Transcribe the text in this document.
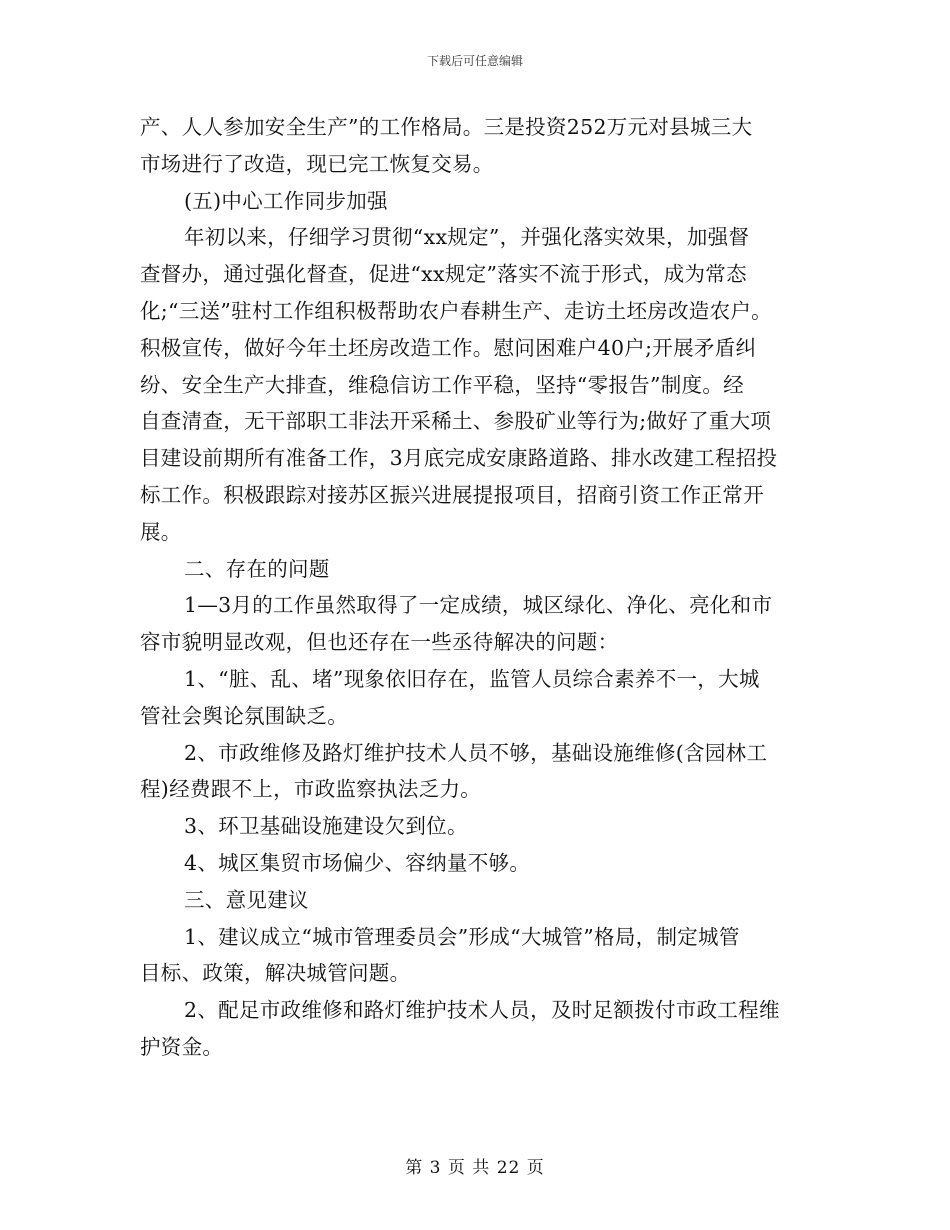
下载后可任意编辑
产、人人参加安全生产”的工作格局。三是投资252万元对县城三大
市场进行了改造，现已完工恢复交易。
(五)中心工作同步加强
年初以来，仔细学习贯彻“xx规定”，并强化落实效果，加强督
查督办，通过强化督查，促进“xx规定”落实不流于形式，成为常态
化;“三送”驻村工作组积极帮助农户春耕生产、走访土坯房改造农户。
积极宣传，做好今年土坯房改造工作。慰问困难户40户;开展矛盾纠
纷、安全生产大排查，维稳信访工作平稳，坚持“零报告”制度。经
自查清查，无干部职工非法开采稀土、参股矿业等行为;做好了重大项
目建设前期所有准备工作，3月底完成安康路道路、排水改建工程招投
标工作。积极跟踪对接苏区振兴进展提报项目，招商引资工作正常开
展。
二、存在的问题
1—3月的工作虽然取得了一定成绩，城区绿化、净化、亮化和市
容市貌明显改观，但也还存在一些丞待解决的问题：
1、“脏、乱、堵”现象依旧存在，监管人员综合素养不一，大城
管社会舆论氛围缺乏。
2、市政维修及路灯维护技术人员不够，基础设施维修(含园林工
程)经费跟不上，市政监察执法乏力。
3、环卫基础设施建设欠到位。
4、城区集贸市场偏少、容纳量不够。
三、意见建议
1、建议成立“城市管理委员会”形成“大城管”格局，制定城管
目标、政策，解决城管问题。
2、配足市政维修和路灯维护技术人员，及时足额拨付市政工程维
护资金。
第 3 页 共 22 页
